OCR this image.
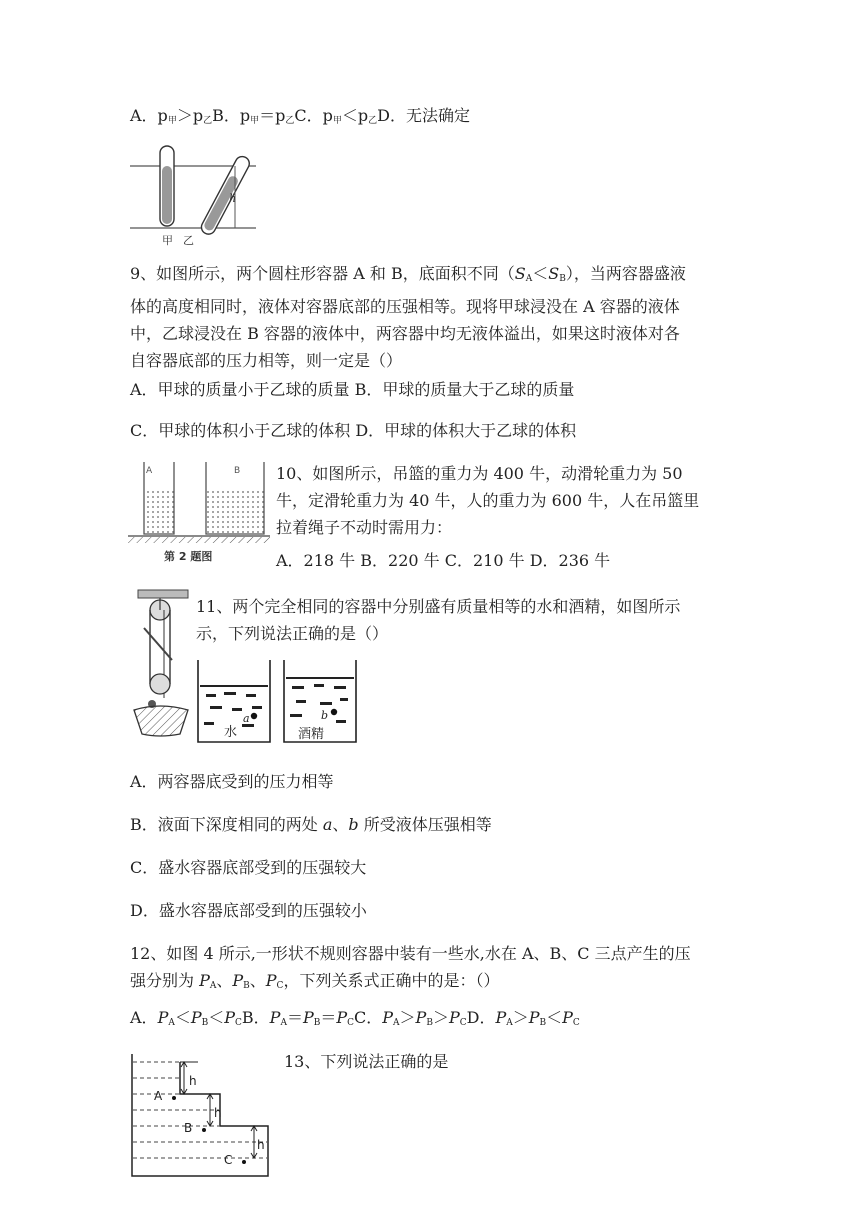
A．$p_甲>p_乙B$．$p_甲=p_乙C$．$p_甲<p_乙D$．无法确定
h
甲 乙
9、如图所示，两个圆柱形容器 A 和 B，底面积不同$(S_A<S_B)$，当两容器盛液
体的高度相同时，液体对容器底部的压强相等。现将甲球浸没在 A 容器的液体
中，乙球浸没在 B 容器的液体中，两容器中均无液体溢出，如果这时液体对各
自容器底部的压力相等，则一定是（）
A．甲球的质量小于乙球的质量 B．甲球的质量大于乙球的质量
C．甲球的体积小于乙球的体积 D．甲球的体积大于乙球的体积
A	B
第 2 题图
10、如图所示，吊篮的重力为 400 牛，动滑轮重力为 50
牛，定滑轮重力为 40 牛，人的重力为 600 牛，人在吊篮里
拉着绳子不动时需用力：
A．218 牛 B．220 牛 C．210 牛 D．236 牛
11、两个完全相同的容器中分别盛有质量相等的水和酒精，如图所示
示，下列说法正确的是（）
a
水
b
酒精
A．两容器底受到的压力相等
B．液面下深度相同的两处 a、b 所受液体压强相等
C．盛水容器底部受到的压强较大
D．盛水容器底部受到的压强较小
12、如图 4 所示,一形状不规则容器中装有一些水,水在 A、B、C 三点产生的压
强分别为 $P_A$、$P_B$、$P_C$，下列关系式正确中的是：（）
A．$P_A<P_B<P_CB$．$P_A=P_B=P_CC$．$P_A>P_B>P_CD$．$P_A>P_B<P_C$
h
h
h
A
B
C
13、下列说法正确的是
